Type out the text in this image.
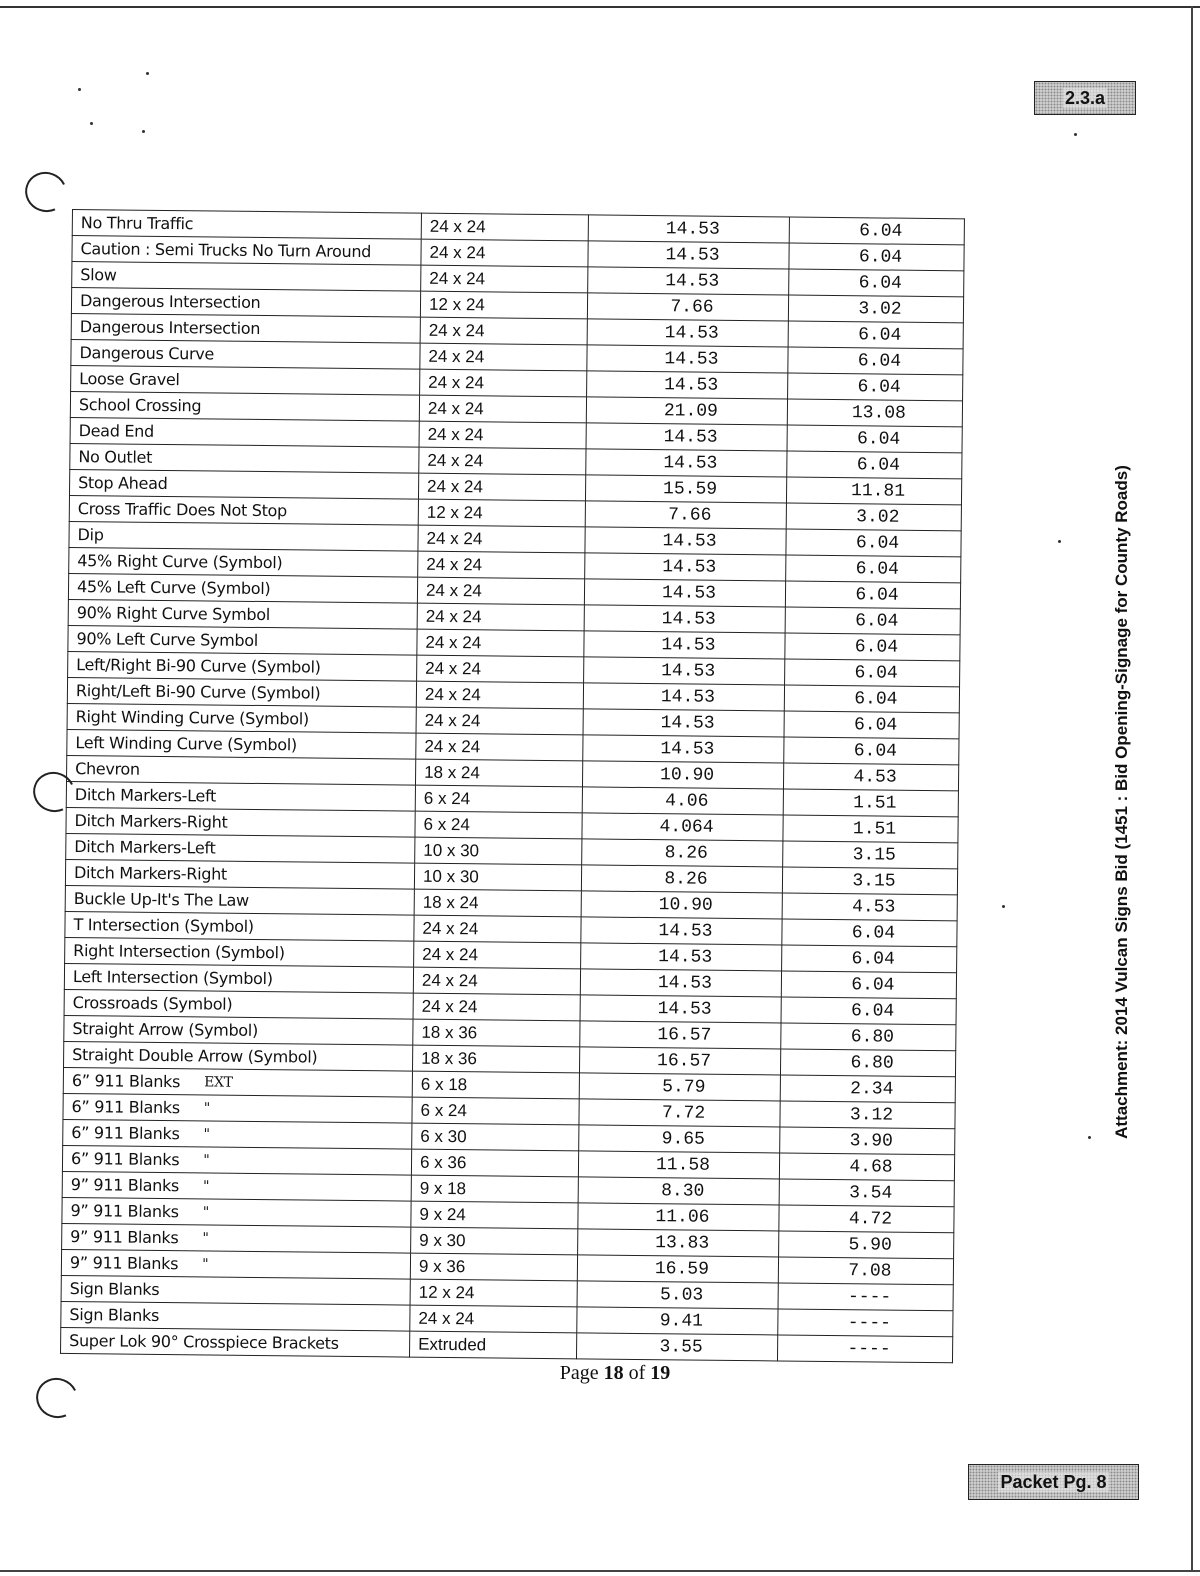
2.3.a
No Thru Traffic	24 x 24	14.53	6.04
Caution : Semi Trucks No Turn Around	24 x 24	14.53	6.04
Slow	24 x 24	14.53	6.04
Dangerous Intersection	12 x 24	7.66	3.02
Dangerous Intersection	24 x 24	14.53	6.04
Dangerous Curve	24 x 24	14.53	6.04
Loose Gravel	24 x 24	14.53	6.04
School Crossing	24 x 24	21.09	13.08
Dead End	24 x 24	14.53	6.04
No Outlet	24 x 24	14.53	6.04
Stop Ahead	24 x 24	15.59	11.81
Cross Traffic Does Not Stop	12 x 24	7.66	3.02
Dip	24 x 24	14.53	6.04
45% Right Curve (Symbol)	24 x 24	14.53	6.04
45% Left Curve (Symbol)	24 x 24	14.53	6.04
90% Right Curve Symbol	24 x 24	14.53	6.04
90% Left Curve Symbol	24 x 24	14.53	6.04
Left/Right Bi-90 Curve (Symbol)	24 x 24	14.53	6.04
Right/Left Bi-90 Curve (Symbol)	24 x 24	14.53	6.04
Right Winding Curve (Symbol)	24 x 24	14.53	6.04
Left Winding Curve (Symbol)	24 x 24	14.53	6.04
Chevron	18 x 24	10.90	4.53
Ditch Markers-Left	6 x 24	4.06	1.51
Ditch Markers-Right	6 x 24	4.064	1.51
Ditch Markers-Left	10 x 30	8.26	3.15
Ditch Markers-Right	10 x 30	8.26	3.15
Buckle Up-It's The Law	18 x 24	10.90	4.53
T Intersection (Symbol)	24 x 24	14.53	6.04
Right Intersection (Symbol)	24 x 24	14.53	6.04
Left Intersection (Symbol)	24 x 24	14.53	6.04
Crossroads (Symbol)	24 x 24	14.53	6.04
Straight Arrow (Symbol)	18 x 36	16.57	6.80
Straight Double Arrow (Symbol)	18 x 36	16.57	6.80
6” 911 Blanks EXT	6 x 18	5.79	2.34
6” 911 Blanks "	6 x 24	7.72	3.12
6” 911 Blanks "	6 x 30	9.65	3.90
6” 911 Blanks "	6 x 36	11.58	4.68
9” 911 Blanks "	9 x 18	8.30	3.54
9” 911 Blanks "	9 x 24	11.06	4.72
9” 911 Blanks "	9 x 30	13.83	5.90
9” 911 Blanks "	9 x 36	16.59	7.08
Sign Blanks	12 x 24	5.03	----
Sign Blanks	24 x 24	9.41	----
Super Lok 90° Crosspiece Brackets	Extruded	3.55	----
Page 18 of 19
Attachment: 2014 Vulcan Signs Bid (1451 : Bid Opening-Signage for County Roads)
Packet Pg. 8
